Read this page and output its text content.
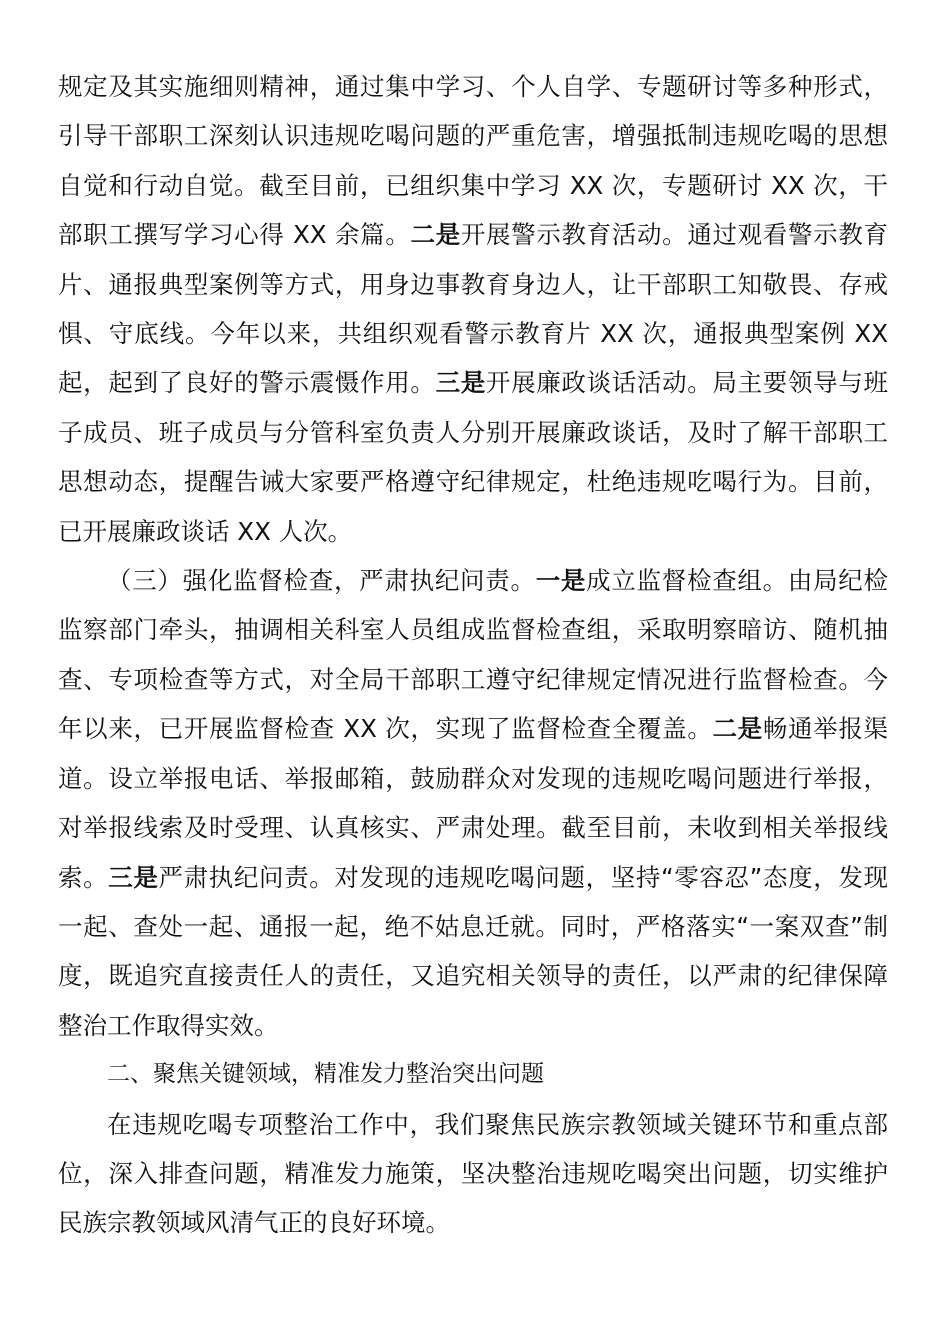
规定及其实施细则精神，通过集中学习、个人自学、专题研讨等多种形式，引导干部职工深刻认识违规吃喝问题的严重危害，增强抵制违规吃喝的思想自觉和行动自觉。截至目前，已组织集中学习 XX 次，专题研讨 XX 次，干部职工撰写学习心得 XX 余篇。二是开展警示教育活动。通过观看警示教育片、通报典型案例等方式，用身边事教育身边人，让干部职工知敬畏、存戒惧、守底线。今年以来，共组织观看警示教育片 XX 次，通报典型案例 XX 起，起到了良好的警示震慑作用。三是开展廉政谈话活动。局主要领导与班子成员、班子成员与分管科室负责人分别开展廉政谈话，及时了解干部职工思想动态，提醒告诫大家要严格遵守纪律规定，杜绝违规吃喝行为。目前，已开展廉政谈话 XX 人次。

（三）强化监督检查，严肃执纪问责。一是成立监督检查组。由局纪检监察部门牵头，抽调相关科室人员组成监督检查组，采取明察暗访、随机抽查、专项检查等方式，对全局干部职工遵守纪律规定情况进行监督检查。今年以来，已开展监督检查 XX 次，实现了监督检查全覆盖。二是畅通举报渠道。设立举报电话、举报邮箱，鼓励群众对发现的违规吃喝问题进行举报，对举报线索及时受理、认真核实、严肃处理。截至目前，未收到相关举报线索。三是严肃执纪问责。对发现的违规吃喝问题，坚持“零容忍”态度，发现一起、查处一起、通报一起，绝不姑息迁就。同时，严格落实“一案双查”制度，既追究直接责任人的责任，又追究相关领导的责任，以严肃的纪律保障整治工作取得实效。

二、聚焦关键领域，精准发力整治突出问题

在违规吃喝专项整治工作中，我们聚焦民族宗教领域关键环节和重点部位，深入排查问题，精准发力施策，坚决整治违规吃喝突出问题，切实维护民族宗教领域风清气正的良好环境。
